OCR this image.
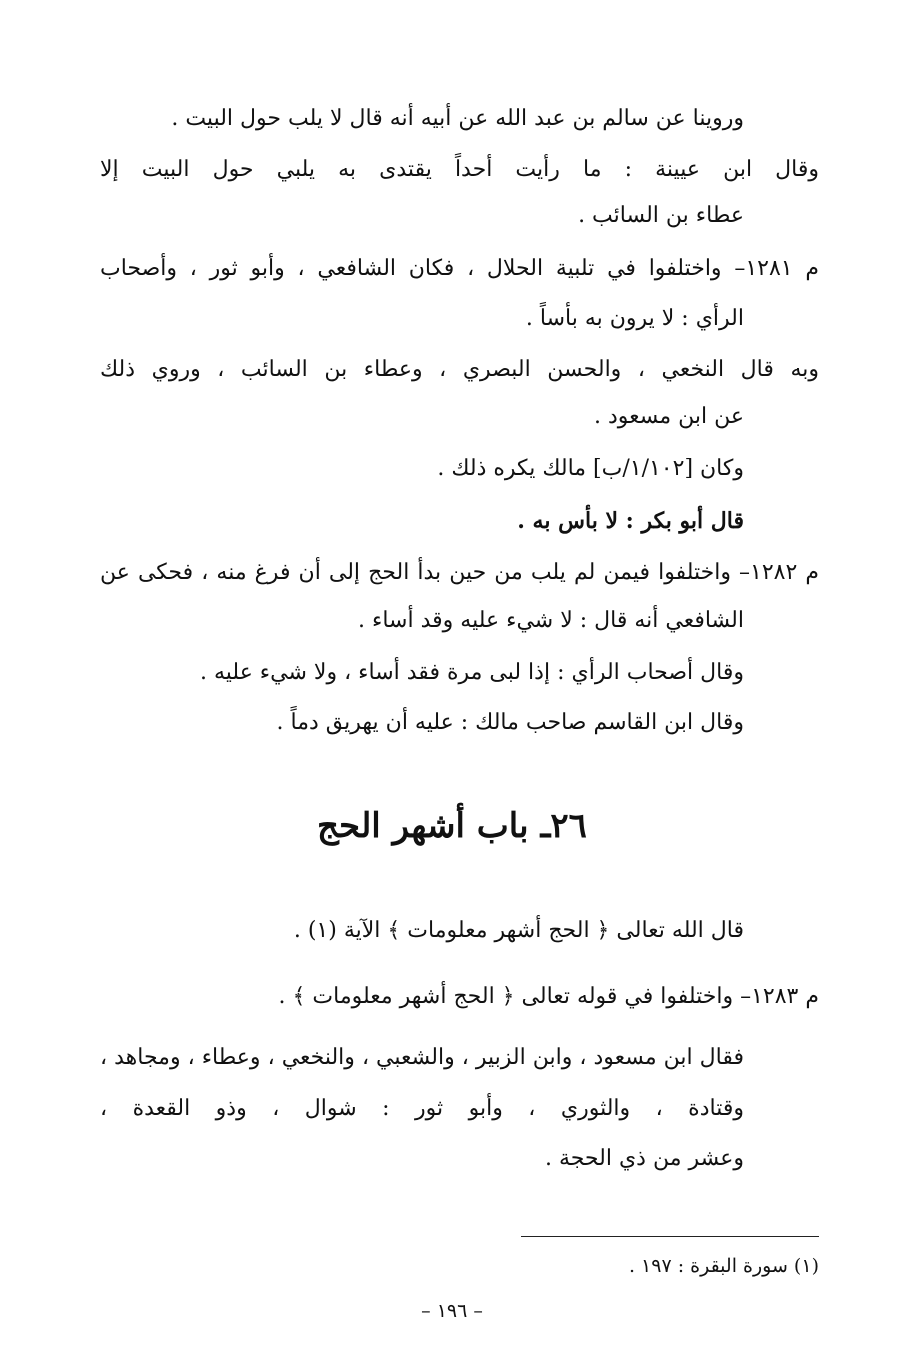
وروينا عن سالم بن عبد الله عن أبيه أنه قال لا يلب حول البيت .
وقال ابن عيينة : ما رأيت أحداً يقتدى به يلبي حول البيت إلا
عطاء بن السائب .
م ١٢٨١– واختلفوا في تلبية الحلال ، فكان الشافعي ، وأبو ثور ، وأصحاب
الرأي : لا يرون به بأساً .
وبه قال النخعي ، والحسن البصري ، وعطاء بن السائب ، وروي ذلك
عن ابن مسعود .
وكان [١/١٠٢/ب] مالك يكره ذلك .
قال أبو بكر : لا بأس به .
م ١٢٨٢– واختلفوا فيمن لم يلب من حين بدأ الحج إلى أن فرغ منه ، فحكى عن
الشافعي أنه قال : لا شيء عليه وقد أساء .
وقال أصحاب الرأي : إذا لبى مرة فقد أساء ، ولا شيء عليه .
وقال ابن القاسم صاحب مالك : عليه أن يهريق دماً .
٢٦ـ باب أشهر الحج
قال الله تعالى ﴿ الحج أشهر معلومات ﴾ الآية (١) .
م ١٢٨٣– واختلفوا في قوله تعالى ﴿ الحج أشهر معلومات ﴾ .
فقال ابن مسعود ، وابن الزبير ، والشعبي ، والنخعي ، وعطاء ، ومجاهد ،
وقتادة ، والثوري ، وأبو ثور : شوال ، وذو القعدة ،
وعشر من ذي الحجة .
(١) سورة البقرة : ١٩٧ .
– ١٩٦ –
